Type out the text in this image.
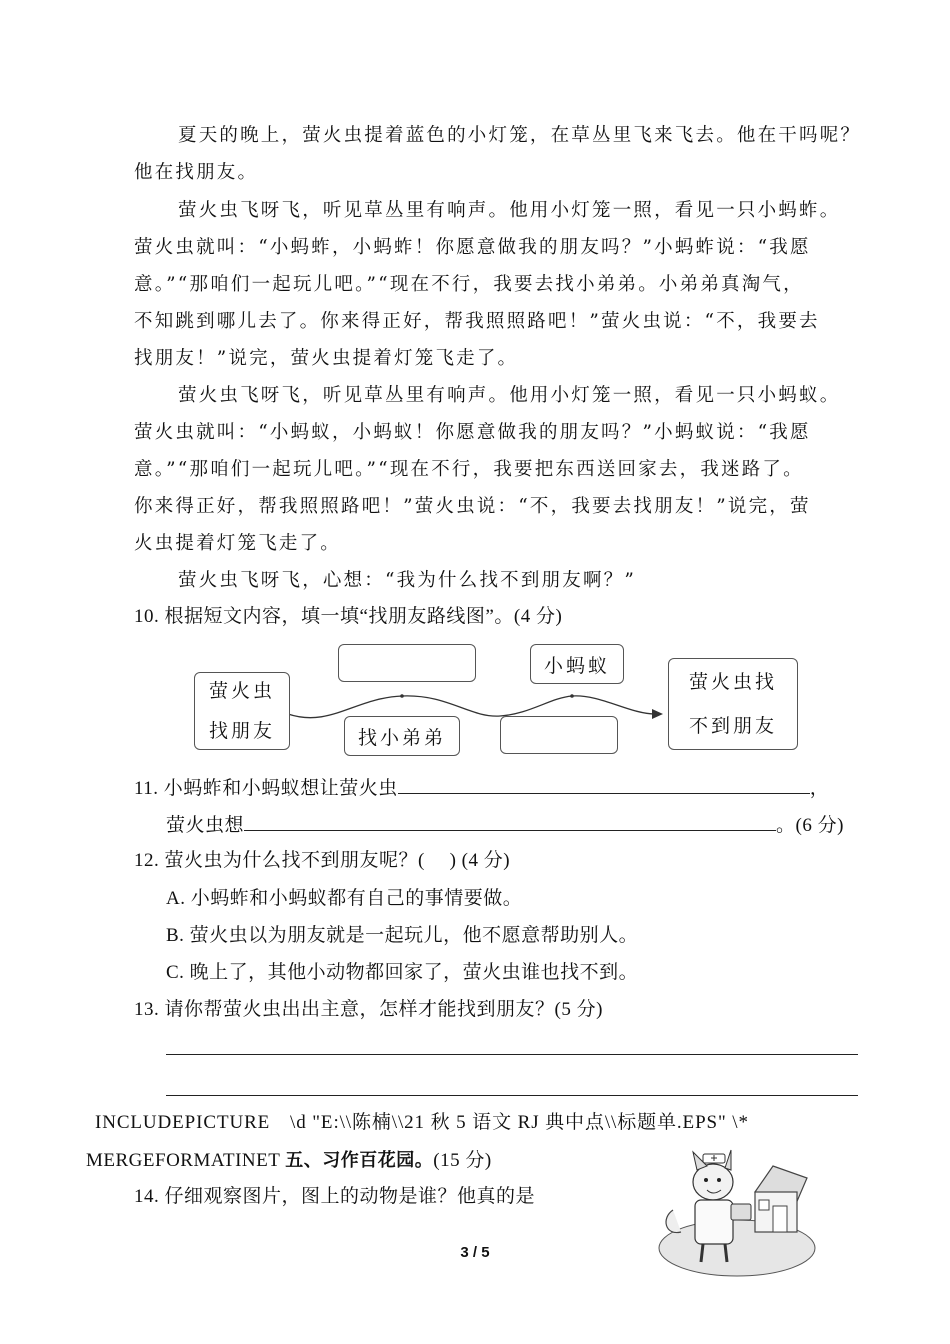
夏天的晚上，萤火虫提着蓝色的小灯笼，在草丛里飞来飞去。他在干吗呢？
他在找朋友。
萤火虫飞呀飞，听见草丛里有响声。他用小灯笼一照，看见一只小蚂蚱。
萤火虫就叫：“小蚂蚱，小蚂蚱！你愿意做我的朋友吗？”小蚂蚱说：“我愿
意。”“那咱们一起玩儿吧。”“现在不行，我要去找小弟弟。小弟弟真淘气，
不知跳到哪儿去了。你来得正好，帮我照照路吧！”萤火虫说：“不，我要去
找朋友！”说完，萤火虫提着灯笼飞走了。
萤火虫飞呀飞，听见草丛里有响声。他用小灯笼一照，看见一只小蚂蚁。
萤火虫就叫：“小蚂蚁，小蚂蚁！你愿意做我的朋友吗？”小蚂蚁说：“我愿
意。”“那咱们一起玩儿吧。”“现在不行，我要把东西送回家去，我迷路了。
你来得正好，帮我照照路吧！”萤火虫说：“不，我要去找朋友！”说完，萤
火虫提着灯笼飞走了。
萤火虫飞呀飞，心想：“我为什么找不到朋友啊？”
10. 根据短文内容，填一填“找朋友路线图”。(4 分)
萤火虫
找朋友	找小弟弟
小蚂蚁
萤火虫找
不到朋友
11. 小蚂蚱和小蚂蚁想让萤火虫	，
萤火虫想	。(6 分)
12. 萤火虫为什么找不到朋友呢？(　 ) (4 分)
A. 小蚂蚱和小蚂蚁都有自己的事情要做。
B. 萤火虫以为朋友就是一起玩儿，他不愿意帮助别人。
C. 晚上了，其他小动物都回家了，萤火虫谁也找不到。
13. 请你帮萤火虫出出主意，怎样才能找到朋友？(5 分)
INCLUDEPICTURE　\d "E:\\陈楠\\21 秋 5 语文 RJ 典中点\\标题单.EPS" \*
MERGEFORMATINET 五、习作百花园。(15 分)
14. 仔细观察图片，图上的动物是谁？他真的是
3 / 5
